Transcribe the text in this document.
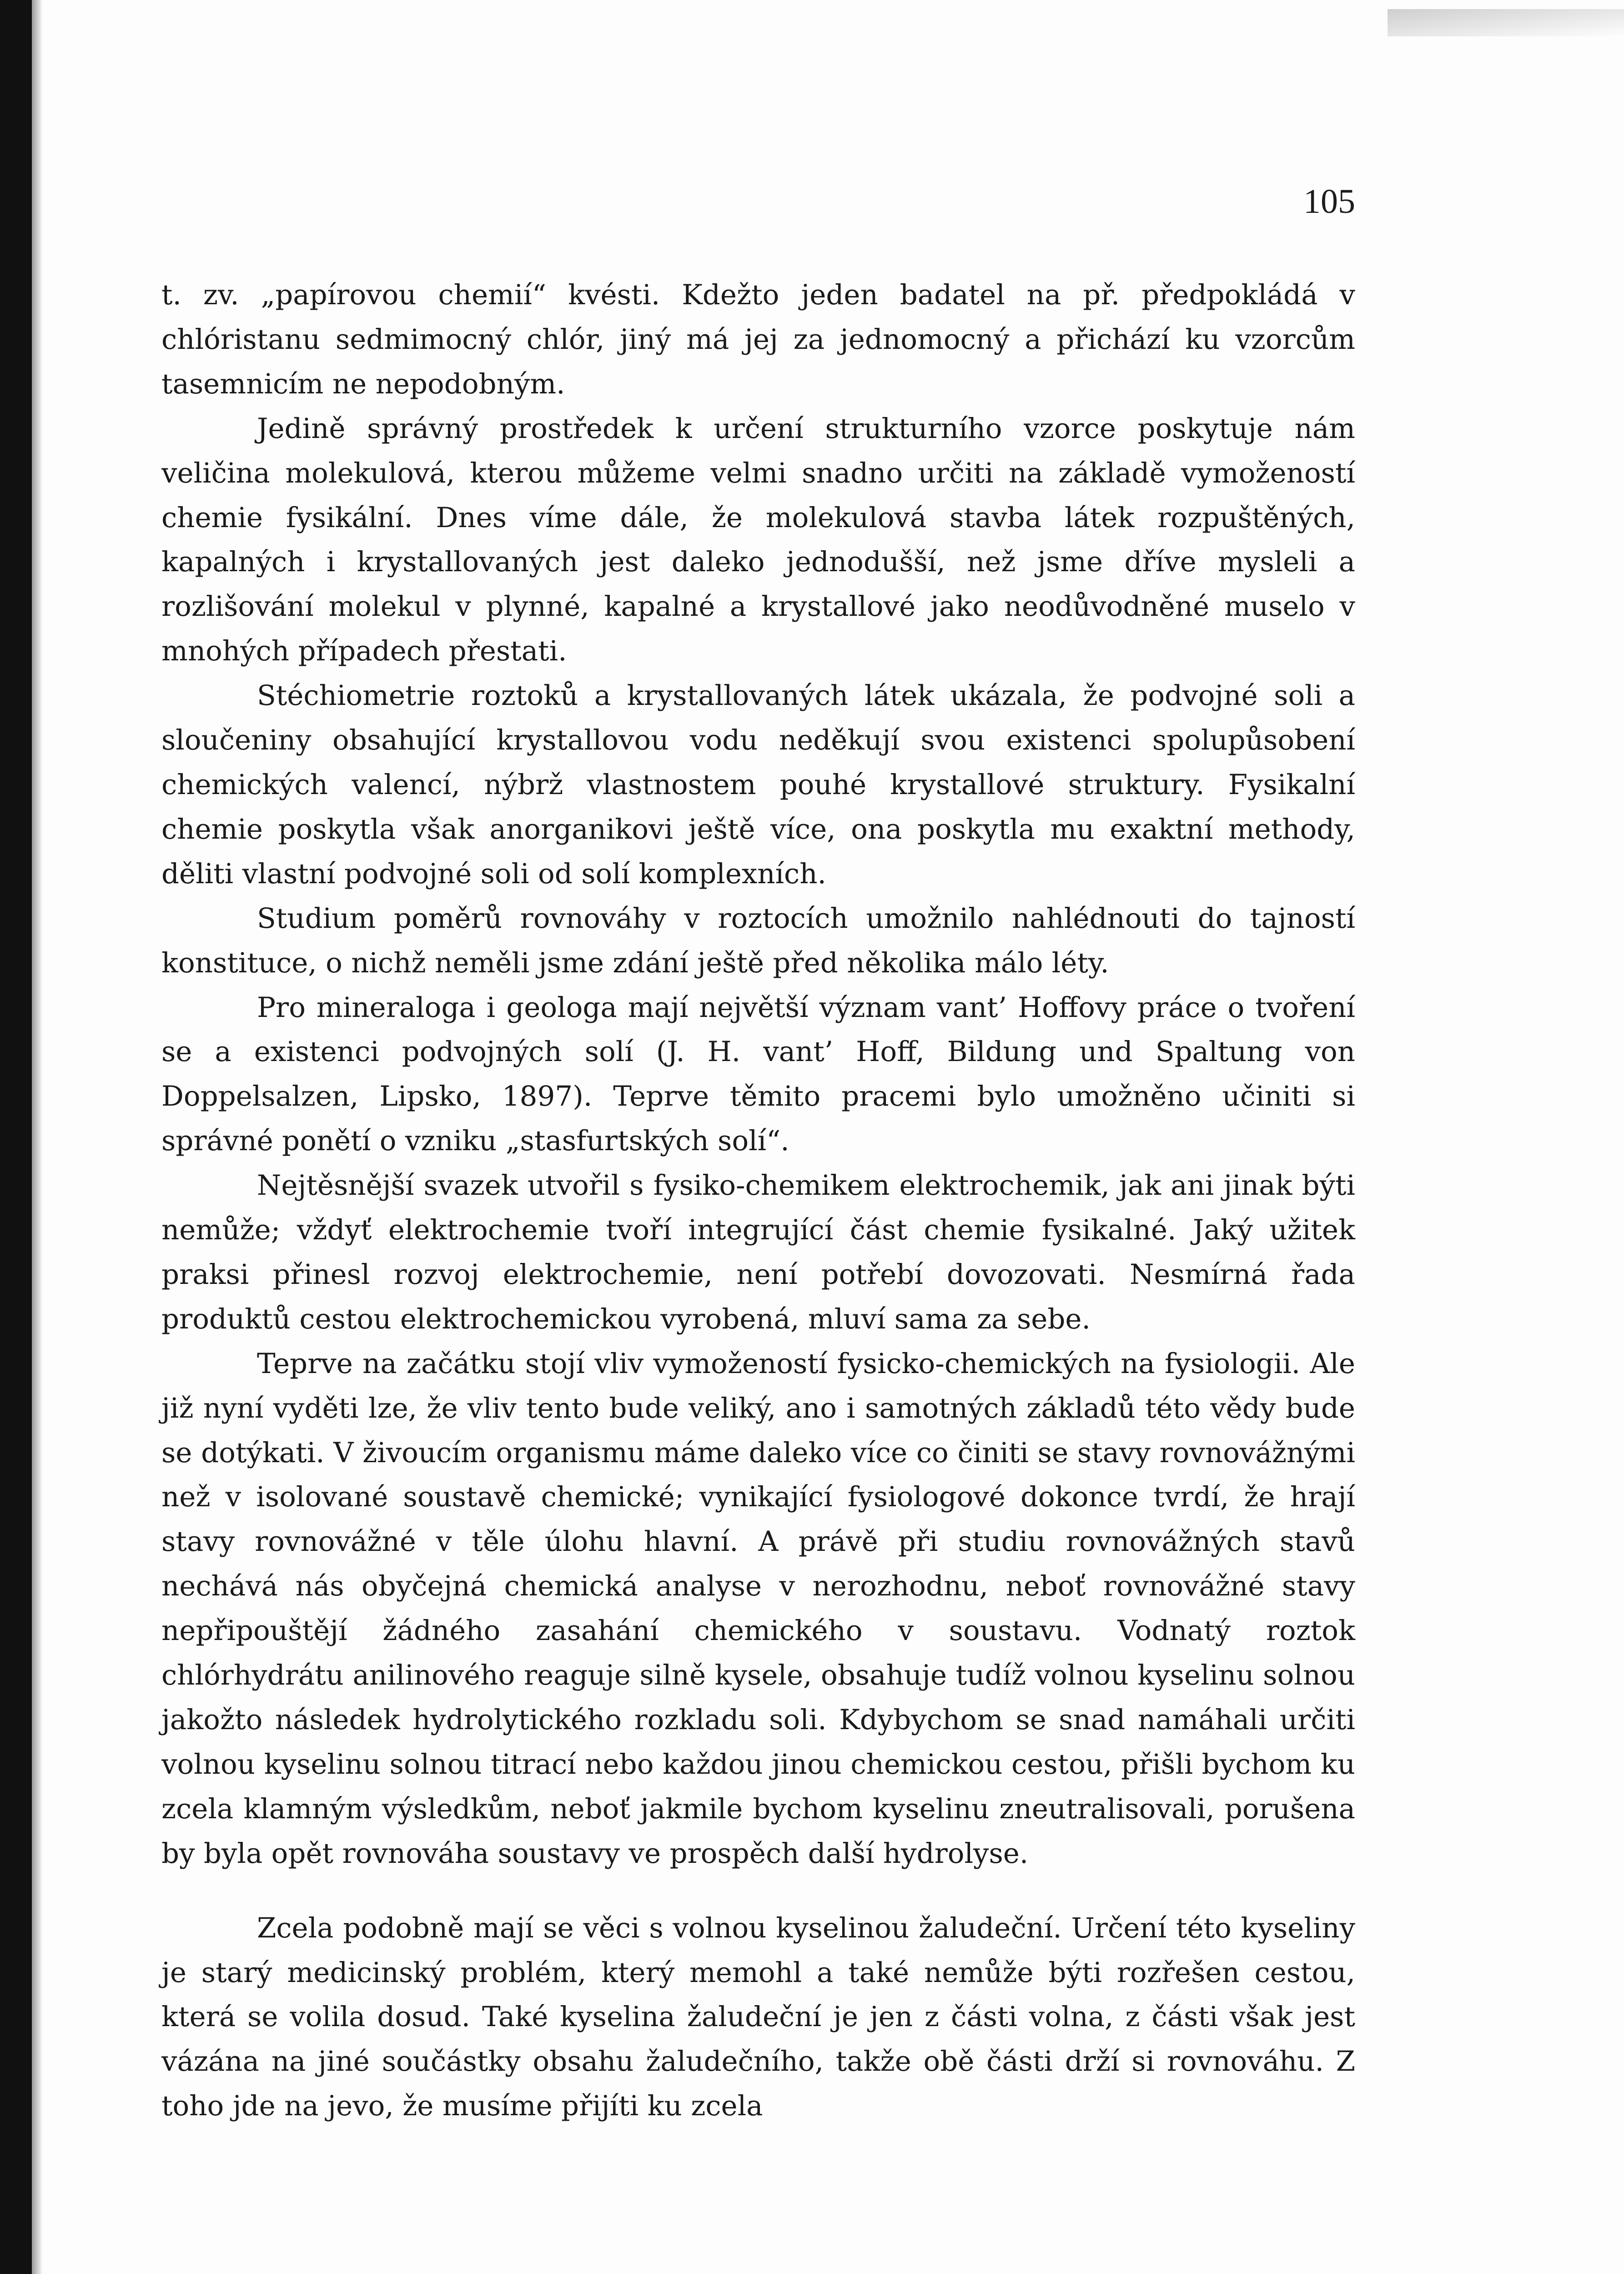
105

t. zv. „papírovou chemií“ kvésti. Kdežto jeden badatel na př. předpokládá v chlóristanu sedmimocný chlór, jiný má jej za jednomocný a přichází ku vzorcům tasemnicím ne nepodobným.

Jedině správný prostředek k určení strukturního vzorce poskytuje nám veličina molekulová, kterou můžeme velmi snadno určiti na základě vymožeností chemie fysikální. Dnes víme dále, že molekulová stavba látek rozpuštěných, kapalných i krystallovaných jest daleko jednodušší, než jsme dříve mysleli a rozlišování molekul v plynné, kapalné a krystallové jako neodůvodněné muselo v mnohých případech přestati.

Stéchiometrie roztoků a krystallovaných látek ukázala, že podvojné soli a sloučeniny obsahující krystallovou vodu neděkují svou existenci spolupůsobení chemických valencí, nýbrž vlastnostem pouhé krystallové struktury. Fysikalní chemie poskytla však anorganikovi ještě více, ona poskytla mu exaktní methody, děliti vlastní podvojné soli od solí komplexních.

Studium poměrů rovnováhy v roztocích umožnilo nahlédnouti do tajností konstituce, o nichž neměli jsme zdání ještě před několika málo léty.

Pro mineraloga i geologa mají největší význam vant’ Hoffovy práce o tvoření se a existenci podvojných solí (J. H. vant’ Hoff, Bildung und Spaltung von Doppelsalzen, Lipsko, 1897). Teprve těmito pracemi bylo umožněno učiniti si správné ponětí o vzniku „stasfurtských solí“.

Nejtěsnější svazek utvořil s fysiko-chemikem elektrochemik, jak ani jinak býti nemůže; vždyť elektrochemie tvoří integrující část chemie fysikalné. Jaký užitek praksi přinesl rozvoj elektrochemie, není potřebí dovozovati. Nesmírná řada produktů cestou elektrochemickou vyrobená, mluví sama za sebe.

Teprve na začátku stojí vliv vymožeností fysicko-chemických na fysiologii. Ale již nyní vyděti lze, že vliv tento bude veliký, ano i samotných základů této vědy bude se dotýkati. V živoucím organismu máme daleko více co činiti se stavy rovnovážnými než v isolované soustavě chemické; vynikající fysiologové dokonce tvrdí, že hrají stavy rovnovážné v těle úlohu hlavní. A právě při studiu rovnovážných stavů nechává nás obyčejná chemická analyse v nerozhodnu, neboť rovnovážné stavy nepřipouštějí žádného zasahání chemického v soustavu. Vodnatý roztok chlórhydrátu anilinového reaguje silně kysele, obsahuje tudíž volnou kyselinu solnou jakožto následek hydrolytického rozkladu soli. Kdybychom se snad namáhali určiti volnou kyselinu solnou titrací nebo každou jinou chemickou cestou, přišli bychom ku zcela klamným výsledkům, neboť jakmile bychom kyselinu zneutralisovali, porušena by byla opět rovnováha soustavy ve prospěch další hydrolyse.

Zcela podobně mají se věci s volnou kyselinou žaludeční. Určení této kyseliny je starý medicinský problém, který memohl a také nemůže býti rozřešen cestou, která se volila dosud. Také kyselina žaludeční je jen z části volna, z části však jest vázána na jiné součástky obsahu žaludečního, takže obě části drží si rovnováhu. Z toho jde na jevo, že musíme přijíti ku zcela
